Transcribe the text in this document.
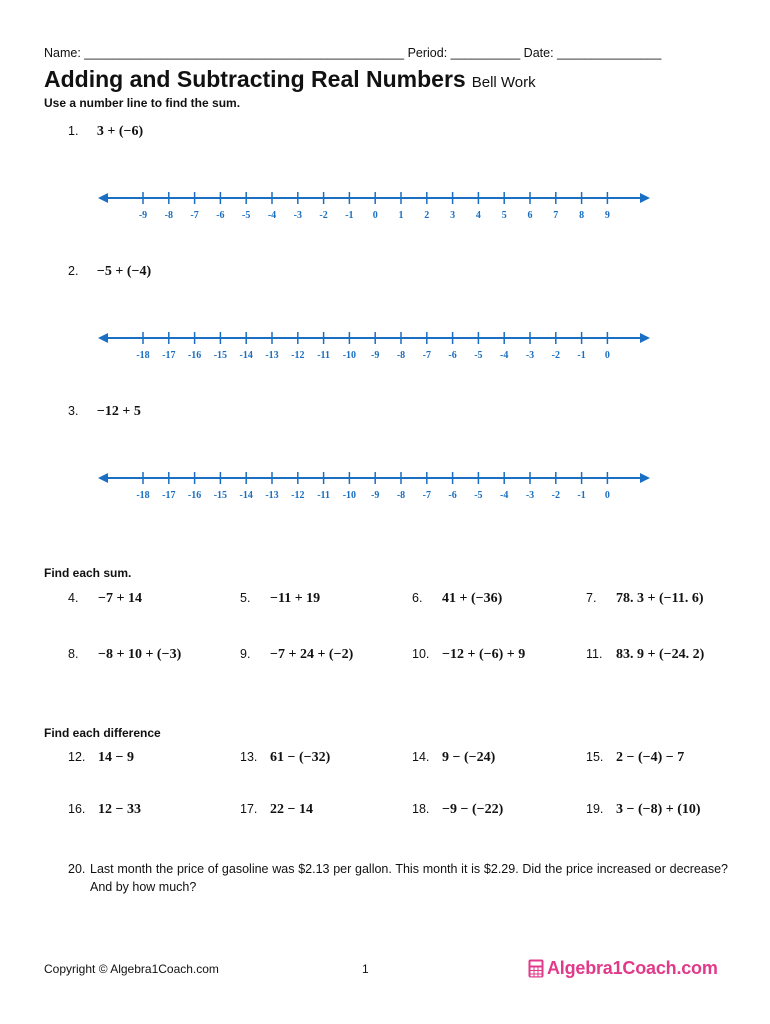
Name: ______________________________________________ Period: __________ Date: _______________
Adding and Subtracting Real Numbers Bell Work
Use a number line to find the sum.
1. 3 + (−6)
-9 -8 -7 -6 -5 -4 -3 -2 -1 0 1 2 3 4 5 6 7 8 9
2. −5 + (−4)
-18 -17 -16 -15 -14 -13 -12 -11 -10 -9 -8 -7 -6 -5 -4 -3 -2 -1 0
3. −12 + 5
-18 -17 -16 -15 -14 -13 -12 -11 -10 -9 -8 -7 -6 -5 -4 -3 -2 -1 0
Find each sum.
4. −7 + 14	5. −11 + 19	6. 41 + (−36)	7. 78. 3 + (−11. 6)
8. −8 + 10 + (−3)	9. −7 + 24 + (−2)	10. −12 + (−6) + 9	11. 83. 9 + (−24. 2)
Find each difference
12. 14 − 9	13. 61 − (−32)	14. 9 − (−24)	15. 2 − (−4) − 7
16. 12 − 33	17. 22 − 14	18. −9 − (−22)	19. 3 − (−8) + (10)
20. Last month the price of gasoline was $2.13 per gallon. This month it is $2.29. Did the price increased or decrease? And by how much?
Copyright © Algebra1Coach.com	1	Algebra1Coach.com
